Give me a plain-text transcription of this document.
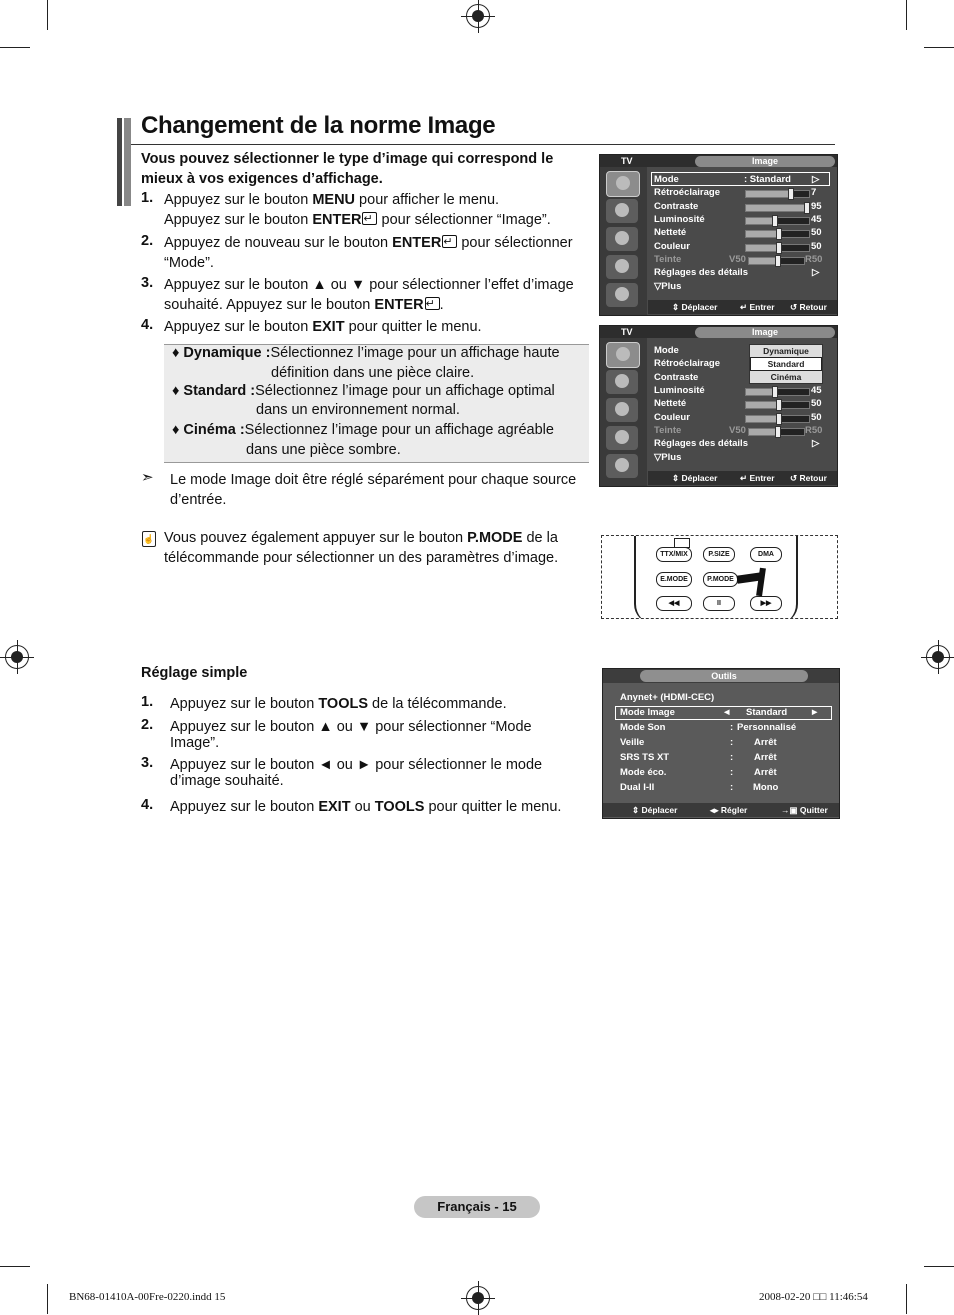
Changement de la norme Image
Vous pouvez sélectionner le type d’image qui correspond le
mieux à vos exigences d’affichage.
1. Appuyez sur le bouton MENU pour afficher le menu.
Appuyez sur le bouton ENTER↵ pour sélectionner “Image”.
2. Appuyez de nouveau sur le bouton ENTER↵ pour sélectionner
“Mode”.
3. Appuyez sur le bouton ▲ ou ▼ pour sélectionner l’effet d’image
souhaité. Appuyez sur le bouton ENTER ↵ .
4. Appuyez sur le bouton EXIT pour quitter le menu.
♦ Dynamique :Sélectionnez l’image pour un affichage haute
définition dans une pièce claire.
♦ Standard :Sélectionnez l’image pour un affichage optimal
dans un environnement normal.
♦ Cinéma :Sélectionnez l’image pour un affichage agréable
dans une pièce sombre.
➣ Le mode Image doit être réglé séparément pour chaque source
d’entrée.
☝ Vous pouvez également appuyer sur le bouton P.MODE de la
télécommande pour sélectionner un des paramètres d’image.
TV	Image
Mode	: Standard ▷
Rétroéclairage	7
Contraste	95
Luminosité	45
Netteté	50
Couleur	50
Teinte	V50	R50
Réglages des détails	▷
▽Plus
⇕ Déplacer	↵ Entrer ↺ Retour
TV	Image
Mode
Rétroéclairage
Contraste
Luminosité	45
Netteté	50
Couleur	50
Teinte	V50	R50
Réglages des détails	▷
▽Plus
Dynamique
Standard
Cinéma
⇕ Déplacer	↵ Entrer ↺ Retour
TTX/MIX	P.SIZE	DMA
E.MODE	P.MODE
◀◀	II	▶▶
Réglage simple
1. Appuyez sur le bouton TOOLS de la télécommande.
2. Appuyez sur le bouton ▲ ou ▼ pour sélectionner “Mode
Image”.
3. Appuyez sur le bouton ◄ ou ► pour sélectionner le mode
d’image souhaité.
4. Appuyez sur le bouton EXIT ou TOOLS pour quitter le menu.
Outils
Anynet+ (HDMI-CEC)
Mode Image	◄ Standard ►
Mode Son	: Personnalisé
Veille	: Arrêt
SRS TS XT	: Arrêt
Mode éco.	: Arrêt
Dual I-II	: Mono
⇕ Déplacer	◂▸ Régler	→▣ Quitter
Français - 15
BN68-01410A-00Fre-0220.indd 15	2008-02-20 □□ 11:46:54
